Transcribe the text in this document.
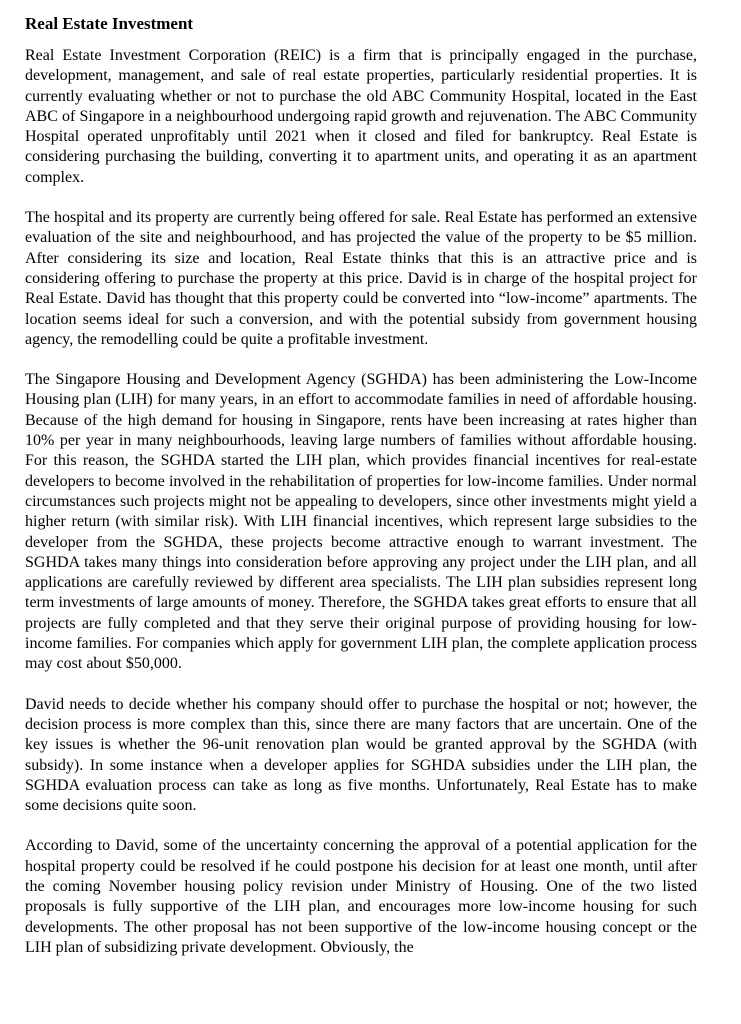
Real Estate Investment

Real Estate Investment Corporation (REIC) is a firm that is principally engaged in the purchase, development, management, and sale of real estate properties, particularly residential properties. It is currently evaluating whether or not to purchase the old ABC Community Hospital, located in the East ABC of Singapore in a neighbourhood undergoing rapid growth and rejuvenation. The ABC Community Hospital operated unprofitably until 2021 when it closed and filed for bankruptcy. Real Estate is considering purchasing the building, converting it to apartment units, and operating it as an apartment complex.

The hospital and its property are currently being offered for sale. Real Estate has performed an extensive evaluation of the site and neighbourhood, and has projected the value of the property to be $5 million. After considering its size and location, Real Estate thinks that this is an attractive price and is considering offering to purchase the property at this price. David is in charge of the hospital project for Real Estate. David has thought that this property could be converted into “low-income” apartments. The location seems ideal for such a conversion, and with the potential subsidy from government housing agency, the remodelling could be quite a profitable investment.

The Singapore Housing and Development Agency (SGHDA) has been administering the Low-Income Housing plan (LIH) for many years, in an effort to accommodate families in need of affordable housing. Because of the high demand for housing in Singapore, rents have been increasing at rates higher than 10% per year in many neighbourhoods, leaving large numbers of families without affordable housing. For this reason, the SGHDA started the LIH plan, which provides financial incentives for real-estate developers to become involved in the rehabilitation of properties for low-income families. Under normal circumstances such projects might not be appealing to developers, since other investments might yield a higher return (with similar risk). With LIH financial incentives, which represent large subsidies to the developer from the SGHDA, these projects become attractive enough to warrant investment. The SGHDA takes many things into consideration before approving any project under the LIH plan, and all applications are carefully reviewed by different area specialists. The LIH plan subsidies represent long term investments of large amounts of money. Therefore, the SGHDA takes great efforts to ensure that all projects are fully completed and that they serve their original purpose of providing housing for low-income families. For companies which apply for government LIH plan, the complete application process may cost about $50,000.

David needs to decide whether his company should offer to purchase the hospital or not; however, the decision process is more complex than this, since there are many factors that are uncertain. One of the key issues is whether the 96-unit renovation plan would be granted approval by the SGHDA (with subsidy). In some instance when a developer applies for SGHDA subsidies under the LIH plan, the SGHDA evaluation process can take as long as five months. Unfortunately, Real Estate has to make some decisions quite soon.

According to David, some of the uncertainty concerning the approval of a potential application for the hospital property could be resolved if he could postpone his decision for at least one month, until after the coming November housing policy revision under Ministry of Housing. One of the two listed proposals is fully supportive of the LIH plan, and encourages more low-income housing for such developments. The other proposal has not been supportive of the low-income housing concept or the LIH plan of subsidizing private development. Obviously, the
